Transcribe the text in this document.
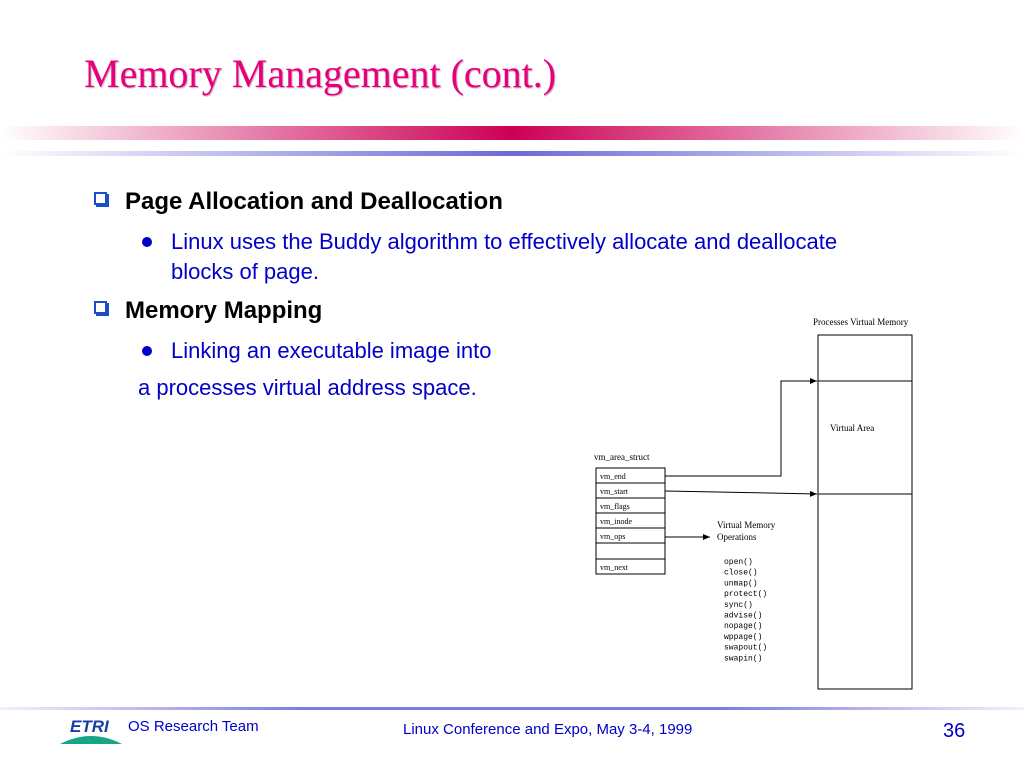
Memory Management (cont.)
Page Allocation and Deallocation
Linux uses the Buddy algorithm to effectively allocate and deallocate blocks of page.
Memory Mapping
Linking an executable image into
a processes virtual address space.
Processes Virtual Memory
Virtual Area
vm_area_struct
vm_end
vm_start
vm_flags
vm_inode
vm_ops
vm_next
Virtual Memory
Operations
open()
close()
unmap()
protect()
sync()
advise()
nopage()
wppage()
swapout()
swapin()
ETRI OS Research Team	Linux Conference and Expo, May 3-4, 1999	36
